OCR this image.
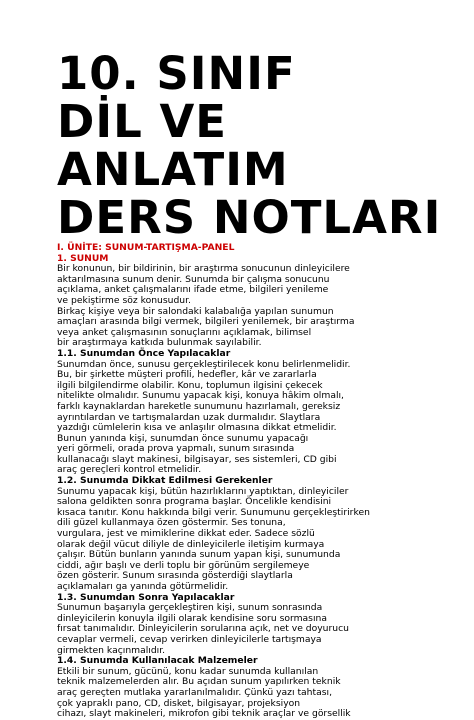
10. SINIF
DİL VE
ANLATIM
DERS NOTLARI
I. ÜNİTE: SUNUM-TARTIŞMA-PANEL
1. SUNUM
Bir konunun, bir bildirinin, bir araştırma sonucunun dinleyicilere
aktarılmasına sunum denir. Sunumda bir çalışma sonucunu
açıklama, anket çalışmalarını ifade etme, bilgileri yenileme
ve pekiştirme söz konusudur.
Birkaç kişiye veya bir salondaki kalabalığa yapılan sunumun
amaçları arasında bilgi vermek, bilgileri yenilemek, bir araştırma
veya anket çalışmasının sonuçlarını açıklamak, bilimsel
bir araştırmaya katkıda bulunmak sayılabilir.
1.1. Sunumdan Önce Yapılacaklar
Sunumdan önce, sunusu gerçekleştirilecek konu belirlenmelidir.
Bu, bir şirkette müşteri profili, hedefler, kâr ve zararlarla
ilgili bilgilendirme olabilir. Konu, toplumun ilgisini çekecek
nitelikte olmalıdır. Sunumu yapacak kişi, konuya hâkim olmalı,
farklı kaynaklardan hareketle sunumunu hazırlamalı, gereksiz
ayrıntılardan ve tartışmalardan uzak durmalıdır. Slaytlara
yazdığı cümlelerin kısa ve anlaşılır olmasına dikkat etmelidir.
Bunun yanında kişi, sunumdan önce sunumu yapacağı
yeri görmeli, orada prova yapmalı, sunum sırasında
kullanacağı slayt makinesi, bilgisayar, ses sistemleri, CD gibi
araç gereçleri kontrol etmelidir.
1.2. Sunumda Dikkat Edilmesi Gerekenler
Sunumu yapacak kişi, bütün hazırlıklarını yaptıktan, dinleyiciler
salona geldikten sonra programa başlar. Öncelikle kendisini
kısaca tanıtır. Konu hakkında bilgi verir. Sunumunu gerçekleştirirken
dili güzel kullanmaya özen göstermir. Ses tonuna,
vurgulara, jest ve mimiklerine dikkat eder. Sadece sözlü
olarak değil vücut diliyle de dinleyicilerle iletişim kurmaya
çalışır. Bütün bunların yanında sunum yapan kişi, sunumunda
ciddi, ağır başlı ve derli toplu bir görünüm sergilemeye
özen gösterir. Sunum sırasında gösterdiği slaytlarla
açıklamaları ga yanında götürmelidir.
1.3. Sunumdan Sonra Yapılacaklar
Sunumun başarıyla gerçekleştiren kişi, sunum sonrasında
dinleyicilerin konuyla ilgili olarak kendisine soru sormasına
fırsat tanımalıdır. Dinleyicilerin sorularına açık, net ve doyurucu
cevaplar vermeli, cevap verirken dinleyicilerle tartışmaya
girmekten kaçınmalıdır.
1.4. Sunumda Kullanılacak Malzemeler
Etkili bir sunum, gücünü, konu kadar sunumda kullanılan
teknik malzemelerden alır. Bu açıdan sunum yapılırken teknik
araç gereçten mutlaka yararlanılmalıdır. Çünkü yazı tahtası,
çok yapraklı pano, CD, disket, bilgisayar, projeksiyon
cihazı, slayt makineleri, mikrofon gibi teknik araçlar ve görsellik
